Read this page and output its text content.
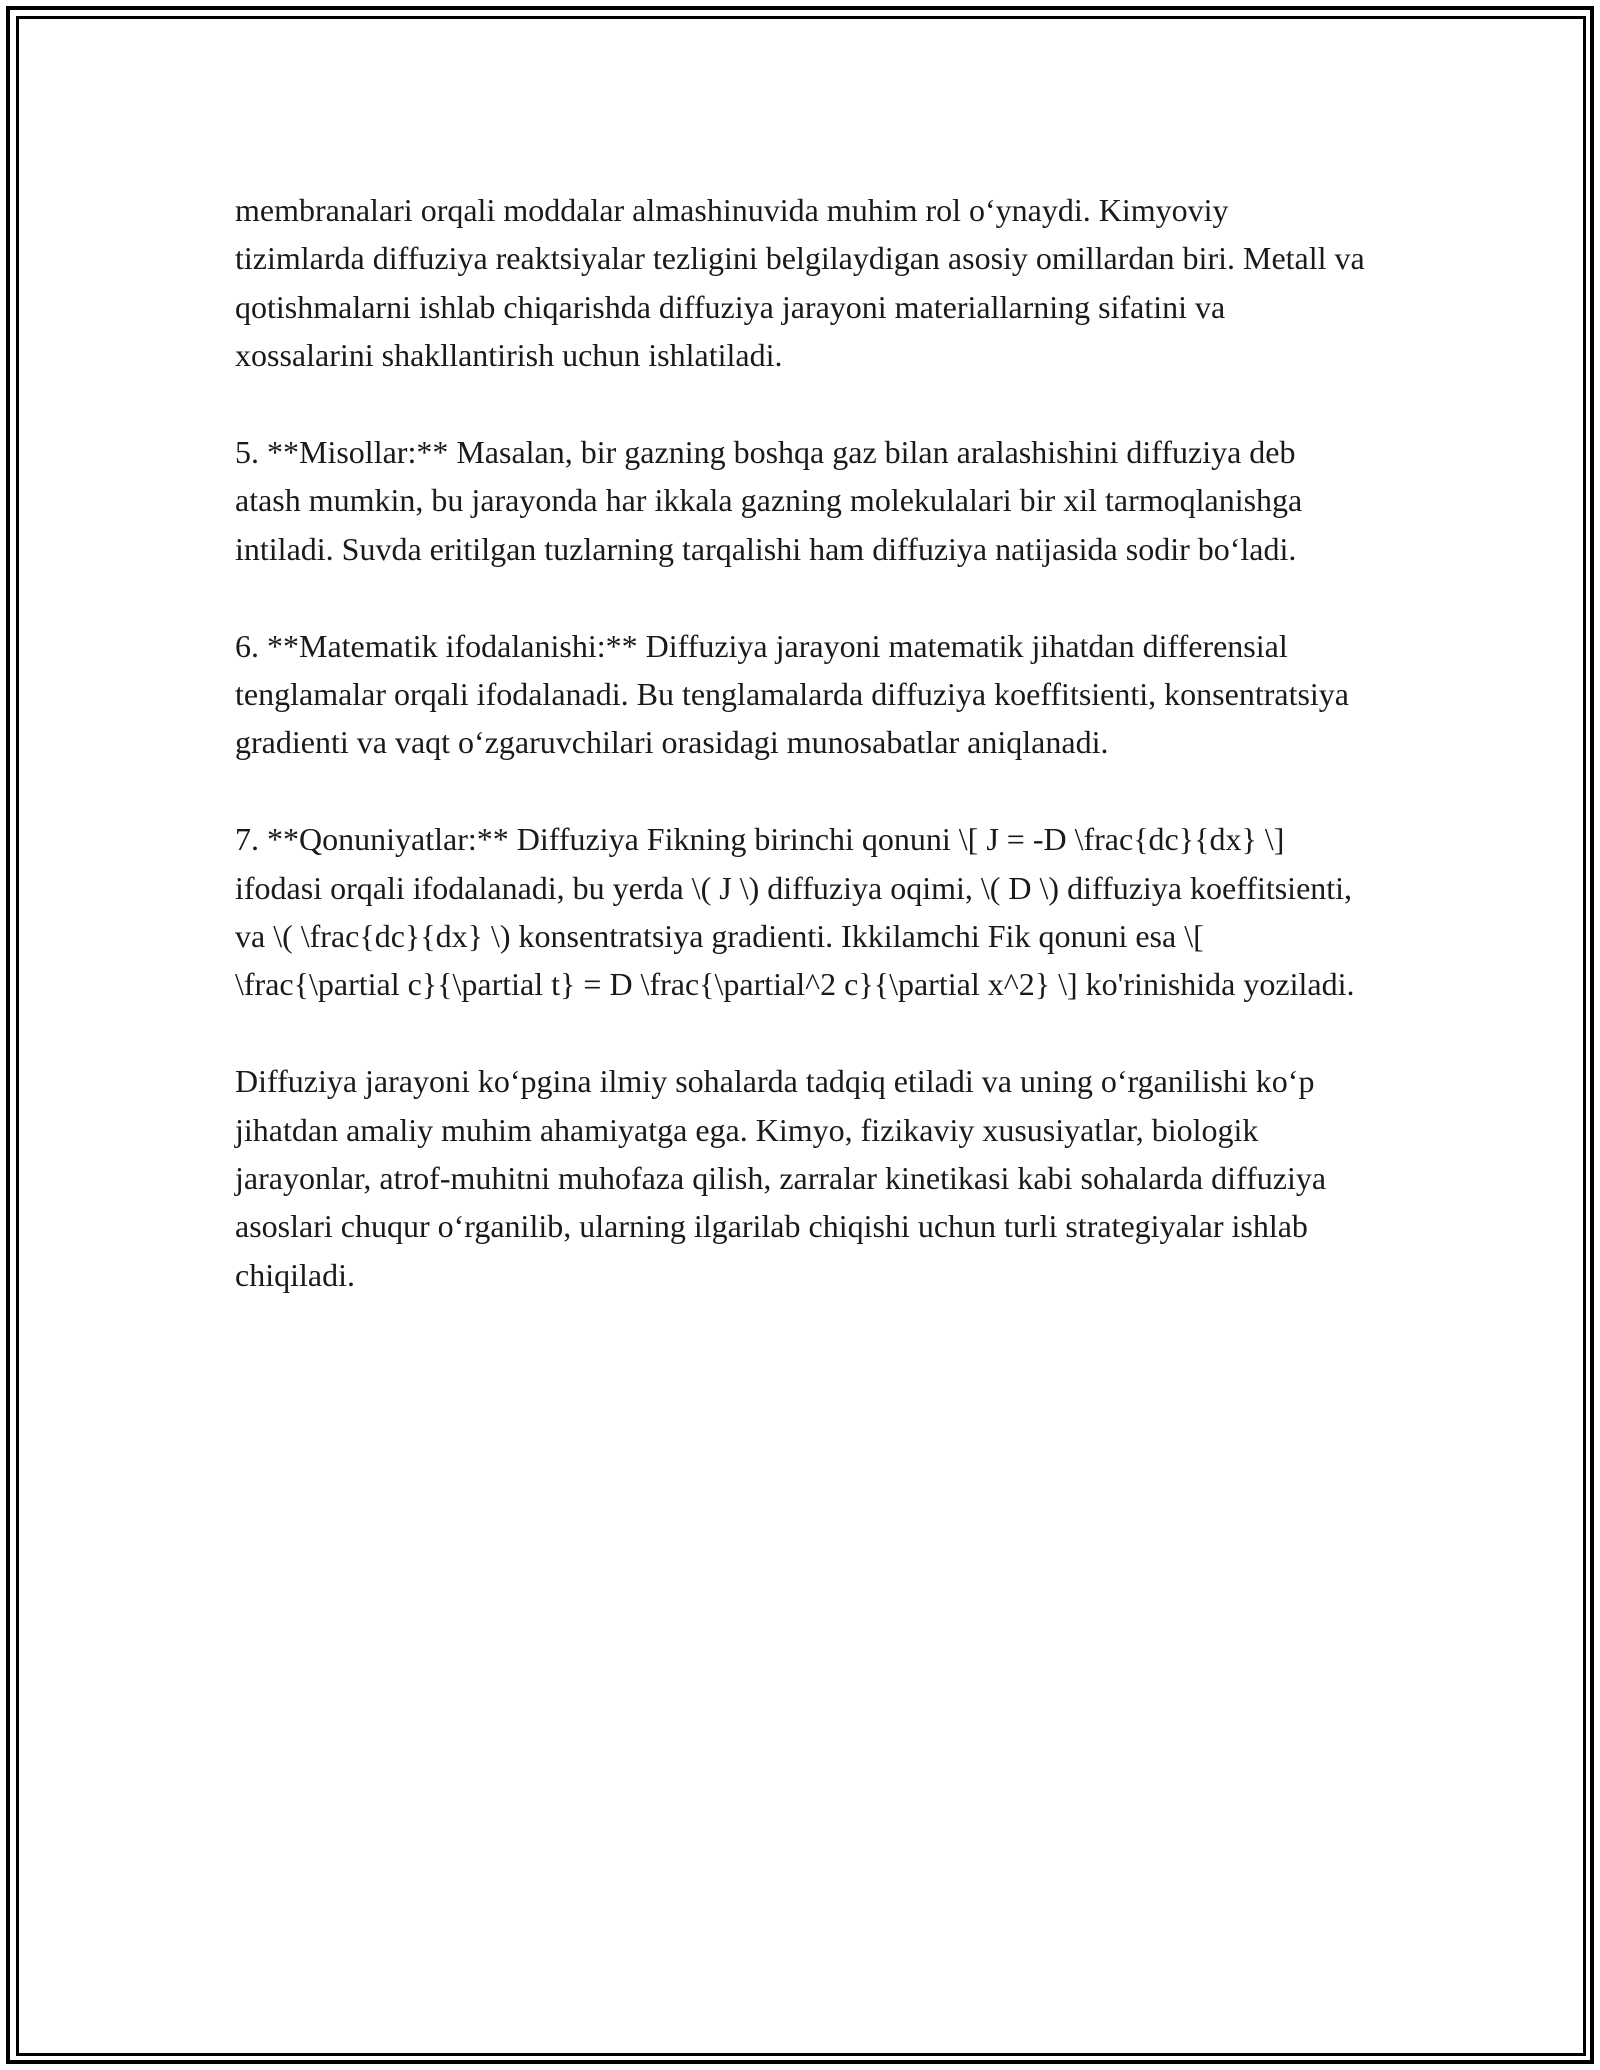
membranalari orqali moddalar almashinuvida muhim rol o‘ynaydi. Kimyoviy tizimlarda diffuziya reaktsiyalar tezligini belgilaydigan asosiy omillardan biri. Metall va qotishmalarni ishlab chiqarishda diffuziya jarayoni materiallarning sifatini va xossalarini shakllantirish uchun ishlatiladi.

5. **Misollar:** Masalan, bir gazning boshqa gaz bilan aralashishini diffuziya deb atash mumkin, bu jarayonda har ikkala gazning molekulalari bir xil tarmoqlanishga intiladi. Suvda eritilgan tuzlarning tarqalishi ham diffuziya natijasida sodir bo‘ladi.

6. **Matematik ifodalanishi:** Diffuziya jarayoni matematik jihatdan differensial tenglamalar orqali ifodalanadi. Bu tenglamalarda diffuziya koeffitsienti, konsentratsiya gradienti va vaqt o‘zgaruvchilari orasidagi munosabatlar aniqlanadi.

7. **Qonuniyatlar:** Diffuziya Fikning birinchi qonuni \[ J = -D \frac{dc}{dx} \] ifodasi orqali ifodalanadi, bu yerda \( J \) diffuziya oqimi, \( D \) diffuziya koeffitsienti, va \( \frac{dc}{dx} \) konsentratsiya gradienti. Ikkilamchi Fik qonuni esa \[ \frac{\partial c}{\partial t} = D \frac{\partial^2 c}{\partial x^2} \] ko'rinishida yoziladi.

Diffuziya jarayoni ko‘pgina ilmiy sohalarda tadqiq etiladi va uning o‘rganilishi ko‘p jihatdan amaliy muhim ahamiyatga ega. Kimyo, fizikaviy xususiyatlar, biologik jarayonlar, atrof-muhitni muhofaza qilish, zarralar kinetikasi kabi sohalarda diffuziya asoslari chuqur o‘rganilib, ularning ilgarilab chiqishi uchun turli strategiyalar ishlab chiqiladi.
